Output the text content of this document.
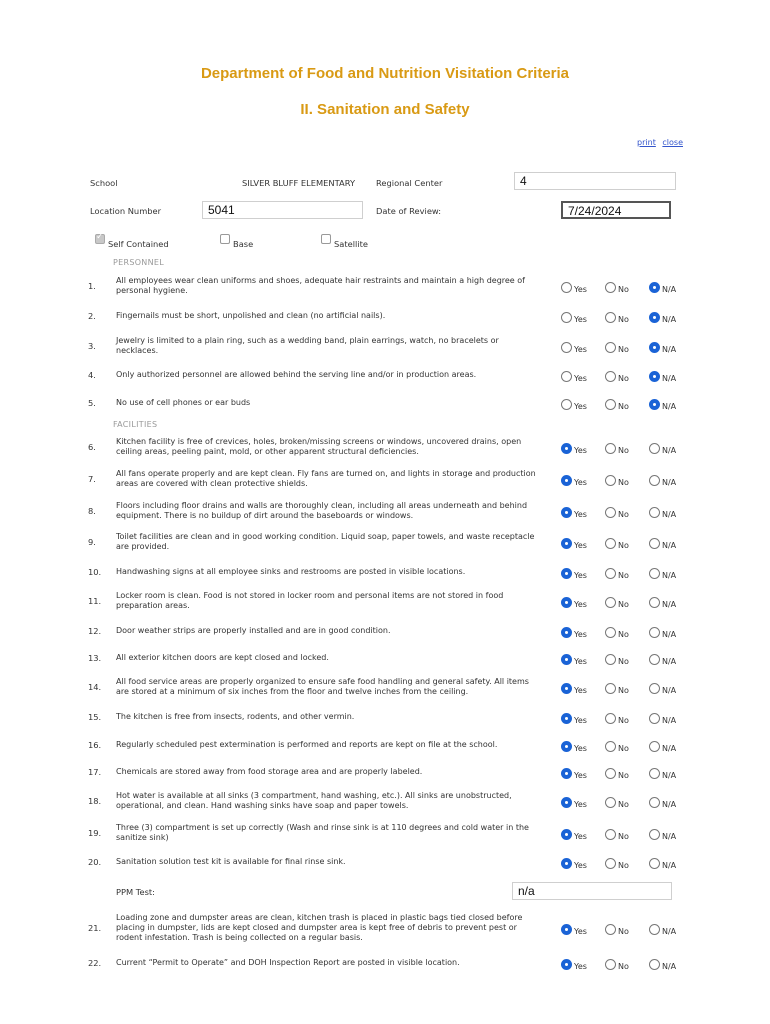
Department of Food and Nutrition Visitation Criteria
II. Sanitation and Safety
print close
School	SILVER BLUFF ELEMENTARY	Regional Center	4
Location Number	5041	Date of Review:	7/24/2024
✓
Self Contained	Base	Satellite
PERSONNEL
FACILITIES
1.
All employees wear clean uniforms and shoes, adequate hair restraints and maintain a high degree of personal hygiene.	Yes	No	N/A
2.	Fingernails must be short, unpolished and clean (no artificial nails).	Yes	No	N/A
3.
Jewelry is limited to a plain ring, such as a wedding band, plain earrings, watch, no bracelets or necklaces.	Yes	No	N/A
4.	Only authorized personnel are allowed behind the serving line and/or in production areas.	Yes	No	N/A
5.	No use of cell phones or ear buds	Yes	No	N/A
6.
Kitchen facility is free of crevices, holes, broken/missing screens or windows, uncovered drains, open ceiling areas, peeling paint, mold, or other apparent structural deficiencies.	Yes	No	N/A
7.
All fans operate properly and are kept clean. Fly fans are turned on, and lights in storage and production areas are covered with clean protective shields.	Yes	No	N/A
8.
Floors including floor drains and walls are thoroughly clean, including all areas underneath and behind equipment. There is no buildup of dirt around the baseboards or windows.	Yes	No	N/A
9.
Toilet facilities are clean and in good working condition. Liquid soap, paper towels, and waste receptacle are provided.	Yes	No	N/A
10. Handwashing signs at all employee sinks and restrooms are posted in visible locations.	Yes	No	N/A
11.
Locker room is clean. Food is not stored in locker room and personal items are not stored in food preparation areas.	Yes	No	N/A
12. Door weather strips are properly installed and are in good condition.	Yes	No	N/A
13. All exterior kitchen doors are kept closed and locked.	Yes	No	N/A
14.
All food service areas are properly organized to ensure safe food handling and general safety. All items are stored at a minimum of six inches from the floor and twelve inches from the ceiling.	Yes	No	N/A
15. The kitchen is free from insects, rodents, and other vermin.	Yes	No	N/A
16. Regularly scheduled pest extermination is performed and reports are kept on file at the school.	Yes	No	N/A
17. Chemicals are stored away from food storage area and are properly labeled.	Yes	No	N/A
18.
Hot water is available at all sinks (3 compartment, hand washing, etc.). All sinks are unobstructed, operational, and clean. Hand washing sinks have soap and paper towels.	Yes	No	N/A
19.
Three (3) compartment is set up correctly (Wash and rinse sink is at 110 degrees and cold water in the sanitize sink)	Yes	No	N/A
20. Sanitation solution test kit is available for final rinse sink.	Yes	No	N/A
21.
Loading zone and dumpster areas are clean, kitchen trash is placed in plastic bags tied closed before placing in dumpster, lids are kept closed and dumpster area is kept free of debris to prevent pest or rodent infestation. Trash is being collected on a regular basis.
Yes	No	N/A
22. Current “Permit to Operate” and DOH Inspection Report are posted in visible location.	Yes	No	N/A
PPM Test:	n/a
